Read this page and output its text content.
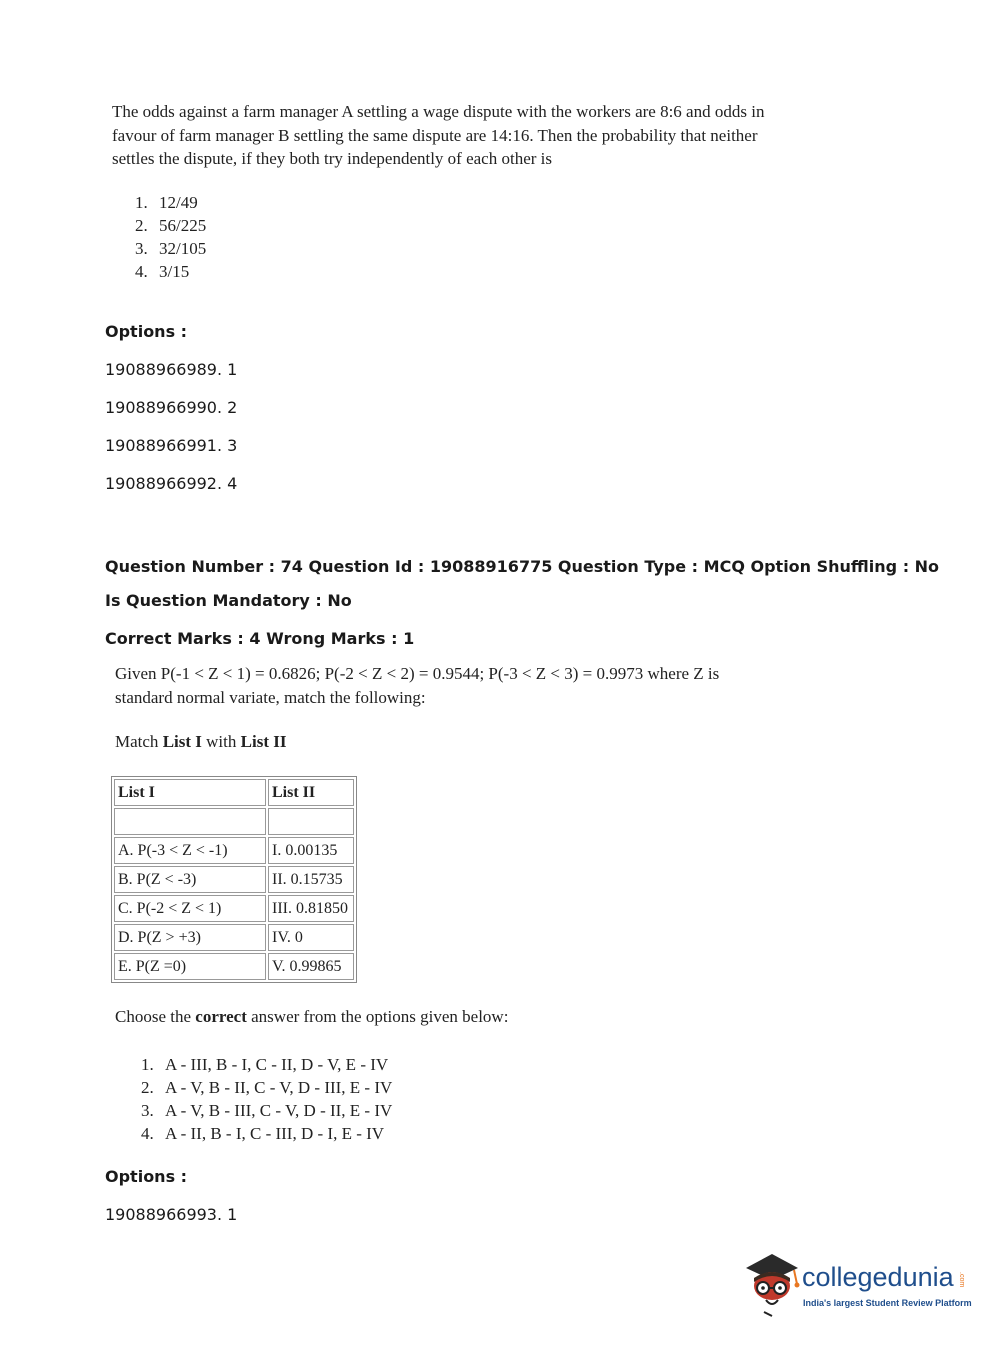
The odds against a farm manager A settling a wage dispute with the workers are 8:6 and odds in
favour of farm manager B settling the same dispute are 14:16. Then the probability that neither
settles the dispute, if they both try independently of each other is
1. 12/49
2. 56/225
3. 32/105
4. 3/15
Options :
19088966989. 1
19088966990. 2
19088966991. 3
19088966992. 4
Question Number : 74 Question Id : 19088916775 Question Type : MCQ Option Shuffling : No
Is Question Mandatory : No
Correct Marks : 4 Wrong Marks : 1
Given P(-1 < Z < 1) = 0.6826; P(-2 < Z < 2) = 0.9544; P(-3 < Z < 3) = 0.9973 where Z is
standard normal variate, match the following:
Match List I with List II
List I	List II

A. P(-3 < Z < -1)	I. 0.00135
B. P(Z < -3)	II. 0.15735
C. P(-2 < Z < 1)	III. 0.81850
D. P(Z > +3)	IV. 0
E. P(Z =0)	V. 0.99865
Choose the correct answer from the options given below:
1. A - III, B - I, C - II, D - V, E - IV
2. A - V, B - II, C - V, D - III, E - IV
3. A - V, B - III, C - V, D - II, E - IV
4. A - II, B - I, C - III, D - I, E - IV
Options :
19088966993. 1
collegedunia .com
India's largest Student Review Platform
